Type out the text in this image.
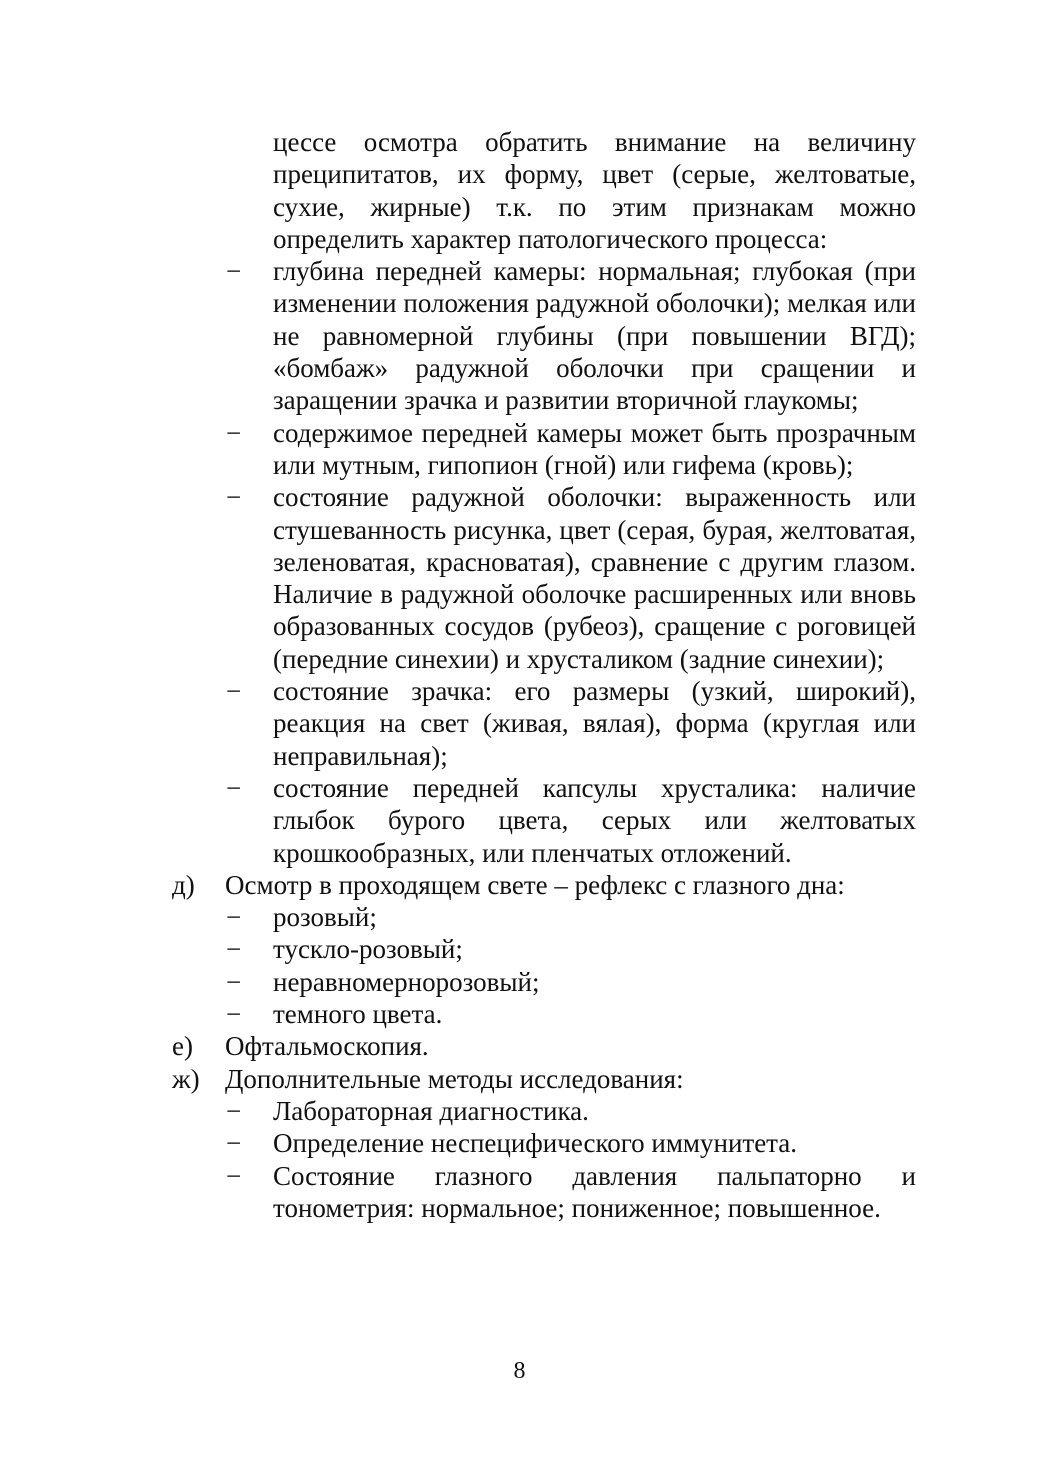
цессе осмотра обратить внимание на величину преципитатов, их форму, цвет (серые, желтоватые, сухие, жирные) т.к. по этим признакам можно определить характер патологического процесса:
− глубина передней камеры: нормальная; глубокая (при изменении положения радужной оболочки); мелкая или не равномерной глубины (при повышении ВГД); «бомбаж» радужной оболочки при сращении и заращении зрачка и развитии вторичной глаукомы;
− содержимое передней камеры может быть прозрачным или мутным, гипопион (гной) или гифема (кровь);
− состояние радужной оболочки: выраженность или стушеванность рисунка, цвет (серая, бурая, желтоватая, зеленоватая, красноватая), сравнение с другим глазом. Наличие в радужной оболочке расширенных или вновь образованных сосудов (рубеоз), сращение с роговицей (передние синехии) и хрусталиком (задние синехии);
− состояние зрачка: его размеры (узкий, широкий), реакция на свет (живая, вялая), форма (круглая или неправильная);
− состояние передней капсулы хрусталика: наличие глыбок бурого цвета, серых или желтоватых крошкообразных, или пленчатых отложений.
д) Осмотр в проходящем свете – рефлекс с глазного дна:
− розовый;
− тускло-розовый;
− неравномернорозовый;
− темного цвета.
е) Офтальмоскопия.
ж) Дополнительные методы исследования:
− Лабораторная диагностика.
− Определение неспецифического иммунитета.
− Состояние глазного давления пальпаторно и тонометрия: нормальное; пониженное; повышенное.
8
